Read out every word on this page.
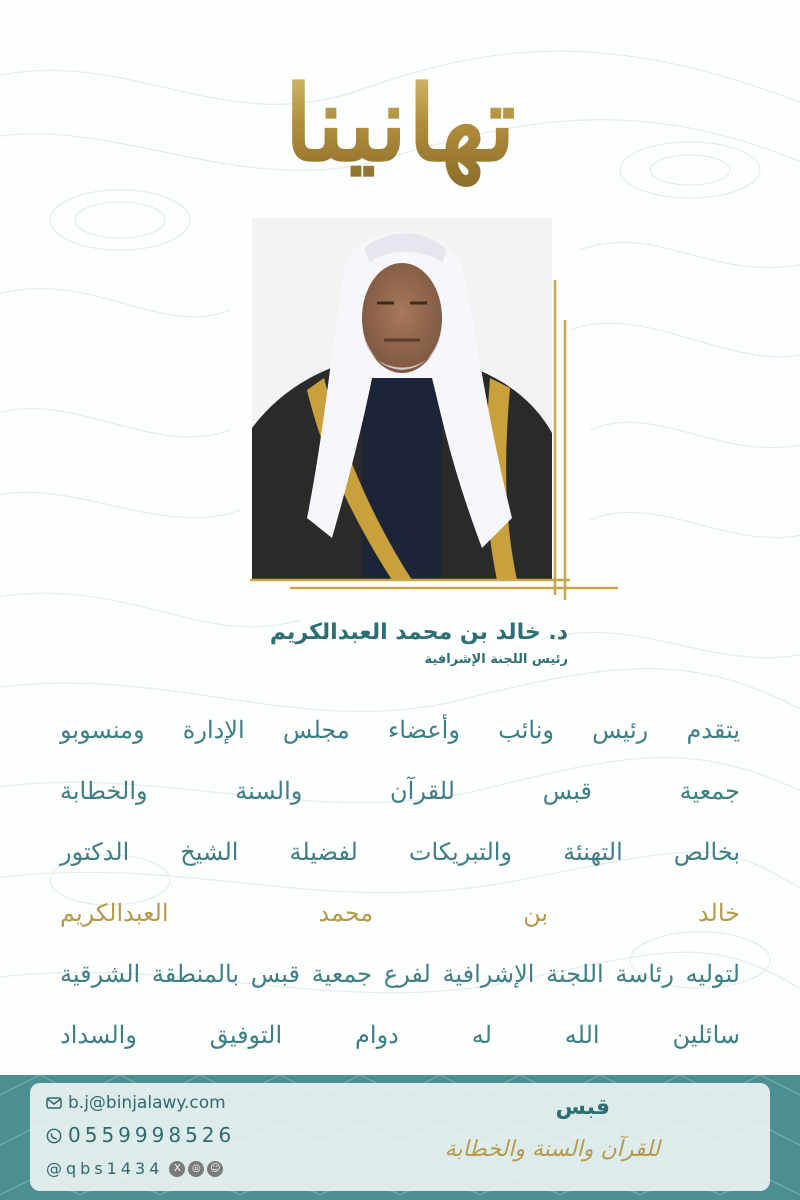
تهانينا
د. خالد بن محمد العبدالكريم
رئيس اللجنة الإشرافية
يتقدم رئيس ونائب وأعضاء مجلس الإدارة ومنسوبو
جمعية قبس للقرآن والسنة والخطابة
بخالص التهنئة والتبريكات لفضيلة الشيخ الدكتور
خالد بن محمد العبدالكريم
لتوليه رئاسة اللجنة الإشرافية لفرع جمعية قبس بالمنطقة الشرقية
سائلين الله له دوام التوفيق والسداد
b.j@binjalawy.com
0559998526
@qbs1434	X	◎ ☺
قبس
للقرآن والسنة والخطابة
